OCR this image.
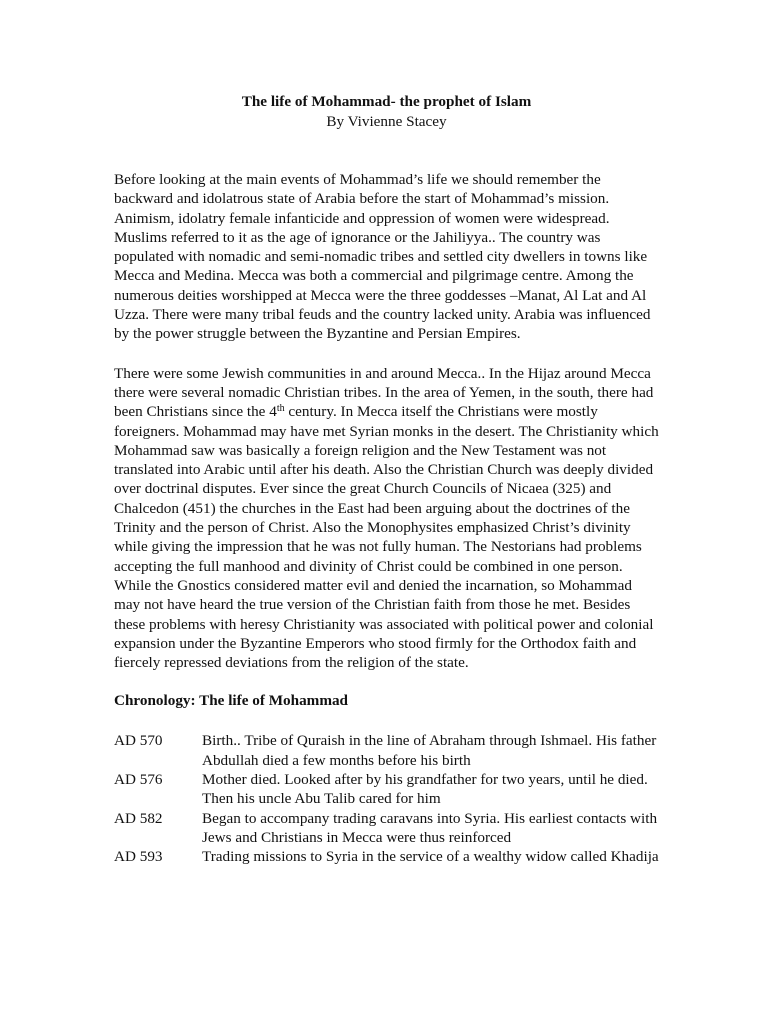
The life of Mohammad- the prophet of Islam
By Vivienne Stacey

Before looking at the main events of Mohammad’s life we should remember the backward and idolatrous state of Arabia before the start of Mohammad’s mission. Animism, idolatry female infanticide and oppression of women were widespread. Muslims referred to it as the age of ignorance or the Jahiliyya.. The country was populated with nomadic and semi-nomadic tribes and settled city dwellers in towns like Mecca and Medina. Mecca was both a commercial and pilgrimage centre. Among the numerous deities worshipped at Mecca were the three goddesses –Manat, Al Lat and Al Uzza. There were many tribal feuds and the country lacked unity. Arabia was influenced by the power struggle between the Byzantine and Persian Empires.

There were some Jewish communities in and around Mecca.. In the Hijaz around Mecca there were several nomadic Christian tribes. In the area of Yemen, in the south, there had been Christians since the 4th century. In Mecca itself the Christians were mostly foreigners. Mohammad may have met Syrian monks in the desert. The Christianity which Mohammad saw was basically a foreign religion and the New Testament was not translated into Arabic until after his death. Also the Christian Church was deeply divided over doctrinal disputes. Ever since the great Church Councils of Nicaea (325) and Chalcedon (451) the churches in the East had been arguing about the doctrines of the Trinity and the person of Christ. Also the Monophysites emphasized Christ’s divinity while giving the impression that he was not fully human. The Nestorians had problems accepting the full manhood and divinity of Christ could be combined in one person. While the Gnostics considered matter evil and denied the incarnation, so Mohammad may not have heard the true version of the Christian faith from those he met. Besides these problems with heresy Christianity was associated with political power and colonial expansion under the Byzantine Emperors who stood firmly for the Orthodox faith and fiercely repressed deviations from the religion of the state.

Chronology: The life of Mohammad
AD 570	Birth.. Tribe of Quraish in the line of Abraham through Ishmael. His father Abdullah died a few months before his birth
AD 576	Mother died. Looked after by his grandfather for two years, until he died. Then his uncle Abu Talib cared for him
AD 582	Began to accompany trading caravans into Syria. His earliest contacts with Jews and Christians in Mecca were thus reinforced
AD 593	Trading missions to Syria in the service of a wealthy widow called Khadija
